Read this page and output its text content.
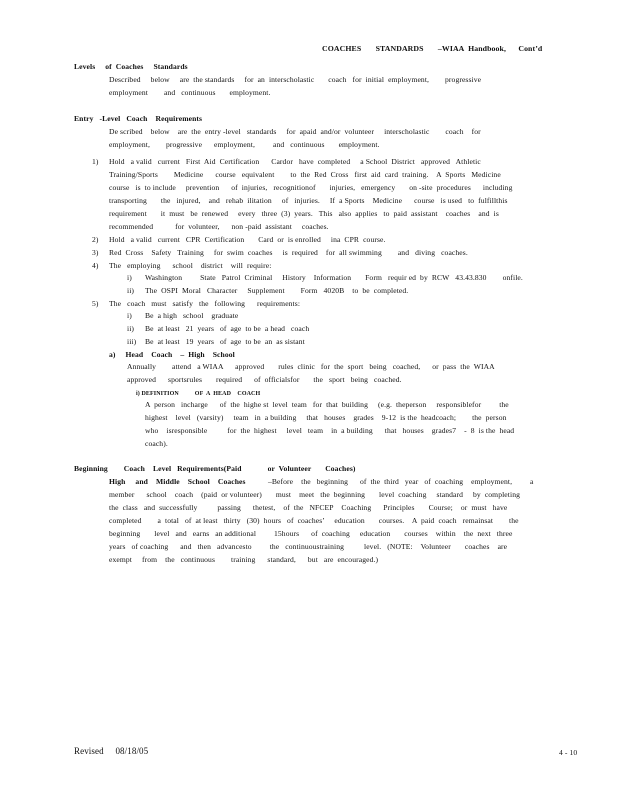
COACHES       STANDARDS       –WIAA  Handbook,      Cont’d
Levels     of  Coaches     Standards
Described     below     are  the standards     for  an  interscholastic       coach   for  initial  employment,        progressive
employment        and   continuous       employment.
Entry   -Level   Coach    Requirements
De scribed    below    are  the  entry -level   standards     for  apaid  and/or  volunteer     interscholastic        coach    for
employment,        progressive      employment,         and   continuous       employment.
1) Hold   a valid   current   First  Aid  Certification      Cardor   have  completed     a School  District   approved   Athletic
Training/Sports        Medicine      course   equivalent        to  the  Red  Cross   first  aid  card  training.    A  Sports   Medicine
course   is  to include     prevention      of  injuries,   recognitionof       injuries,   emergency       on -site  procedures      including
transporting       the   injured,    and   rehab  ilitation     of   injuries.     If  a Sports    Medicine      course   is used   to  fulfillthis
requirement       it  must   be  renewed     every   three  (3)  years.   This   also  applies   to  paid  assistant    coaches    and  is
recommended           for  volunteer,      non -paid  assistant     coaches.
2) Hold   a valid   current   CPR  Certification       Card  or  is enrolled     ina  CPR  course.
3) Red  Cross    Safety   Training     for  swim  coaches     is  required    for  all swimming        and   diving   coaches.
4) The   employing      school    district    will  require:
i) Washington         State   Patrol  Criminal     History    Information       Form   requir ed  by  RCW   43.43.830        onfile.
ii) The  OSPI  Moral   Character     Supplement        Form   4020B    to  be  completed.
5) The   coach   must   satisfy   the   following      requirements:
i) Be  a high   school    graduate
ii) Be  at least   21  years   of  age  to be  a head   coach
iii) Be  at least   19  years   of  age  to be  an  as sistant
a)     Head    Coach    –  High    School
Annually        attend   a WIAA      approved       rules  clinic   for  the  sport   being   coached,      or  pass  the  WIAA
approved      sportsrules       required      of  officialsfor       the   sport   being   coached.
i) DEFINITION          OF  A  HEAD    COACH
A  person   incharge      of  the  highe st  level  team   for  that  building     (e.g.  theperson     responsiblefor         the
highest    level   (varsity)     team   in  a building     that   houses    grades    9-12  is the  headcoach;        the  person
who    isresponsible          for  the  highest     level   team    in  a building      that   houses    grades7    -  8  is the  head
coach).
Beginning        Coach    Level   Requirements(Paid             or  Volunteer       Coaches)
High     and    Middle    School    Coaches	–Before    the   beginning      of  the  third   year   of  coaching    employment,         a
member      school    coach    (paid  or volunteer)       must    meet   the  beginning       level  coaching     standard     by  completing
the  class   and  successfully          passing      thetest,    of  the   NFCEP    Coaching      Principles       Course;    or  must   have
completed        a  total   of  at least   thirty   (30)  hours   of  coaches’     education       courses.    A  paid  coach   remainsat        the
beginning       level   and   earns   an additional         15hours      of  coaching     education       courses    within    the  next   three
years   of coaching      and   then   advancesto         the   continuoustraining          level.   (NOTE:    Volunteer       coaches    are
exempt     from    the   continuous        training      standard,      but   are  encouraged.)
Revised     08/18/05	4 - 10
